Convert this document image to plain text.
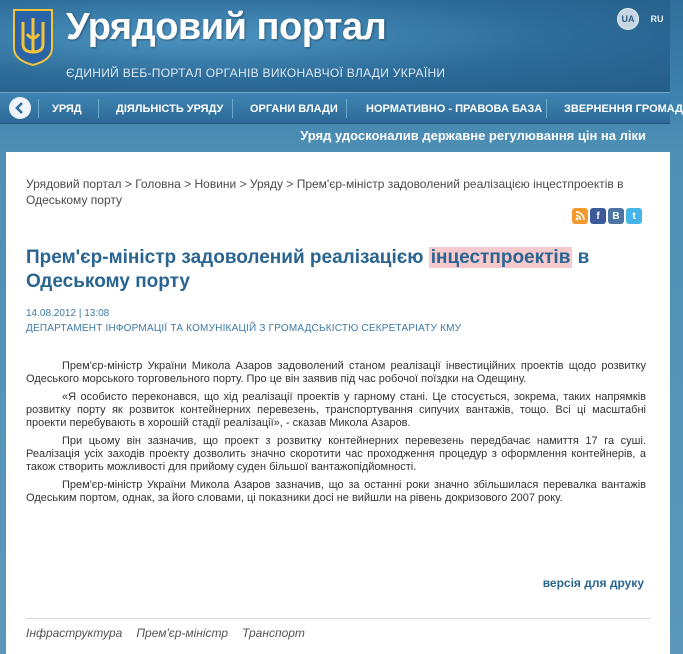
Урядовий портал
ЄДИНИЙ ВЕБ-ПОРТАЛ ОРГАНІВ ВИКОНАВЧОЇ ВЛАДИ УКРАЇНИ
UA	RU
УРЯД	ДІЯЛЬНІСТЬ УРЯДУ ОРГАНИ ВЛАДИ	НОРМАТИВНО - ПРАВОВА БАЗА ЗВЕРНЕННЯ ГРОМАД
Уряд удосконалив державне регулювання цін на ліки
Урядовий портал > Головна > Новини > Уряду > Прем'єр-міністр задоволений реалізацією інцестпроектів в Одеському порту
f	В	t
Прем'єр-міністр задоволений реалізацією інцестпроектів в Одеському порту
14.08.2012 | 13:08
ДЕПАРТАМЕНТ ІНФОРМАЦІЇ ТА КОМУНІКАЦІЙ З ГРОМАДСЬКІСТЮ СЕКРЕТАРІАТУ КМУ

Прем'єр-міністр України Микола Азаров задоволений станом реалізації інвестиційних проектів щодо розвитку Одеського морського торговельного порту. Про це він заявив під час робочої поїздки на Одещину.

«Я особисто переконався, що хід реалізації проектів у гарному стані. Це стосується, зокрема, таких напрямків розвитку порту як розвиток контейнерних перевезень, транспортування сипучих вантажів, тощо. Всі ці масштабні проекти перебувають в хорошій стадії реалізації», - сказав Микола Азаров.

При цьому він зазначив, що проект з розвитку контейнерних перевезень передбачає намиття 17 га суші. Реалізація усіх заходів проекту дозволить значно скоротити час проходження процедур з оформлення контейнерів, а також створить можливості для прийому суден більшої вантажопідйомності.

Прем'єр-міністр України Микола Азаров зазначив, що за останні роки значно збільшилася перевалка вантажів Одеським портом, однак, за його словами, ці показники досі не вийшли на рівень докризового 2007 року.

версія для друку
Інфраструктура Прем'єр-міністр Транспорт
